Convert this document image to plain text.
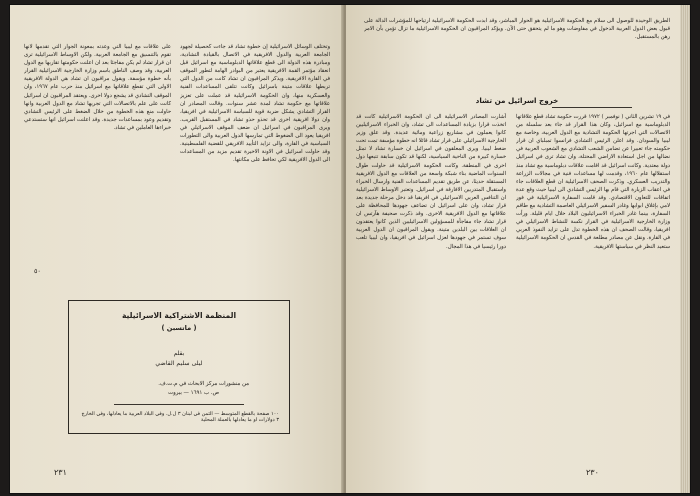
على علاقات مع ليبيا التي وعدته بمعونة الجوار التي تقدمها لانها تقوم بالتنسيق مع الجامعة العربية. ولكن الاوساط الاسرائيلية ترى ان قرار تشاد لم يكن مفاجئا بعد ان اعلنت حكومتها تقاربها مع الدول العربية، وقد وصف الناطق باسم وزارة الخارجية الاسرائيلية القرار بأنه خطوة مؤسفة. ويقول مراقبون ان تشاد هي الدولة الافريقية الاولى التي تقطع علاقاتها مع اسرائيل منذ حرب عام ١٩٦٧، وان الموقف التشادي قد يشجع دولا اخرى. ويعتقد المراقبون ان اسرائيل كانت على علم بالاتصالات التي تجريها تشاد مع الدول العربية وانها حاولت منع هذه الخطوة من خلال الضغط على الرئيس التشادي وتقديم وعود بمساعدات جديدة. وقد اعلنت اسرائيل انها ستستدعي خبراءها العاملين في تشاد.

وتختلف الوسائل الاسرائيلية إن خطوة تشاد قد جاءت كحصيلة لجهود الجامعة العربية والدول الافريقية في الاتصال بالقيادة التشادية، ومبادرة هذه الدولة الى قطع علاقاتها الدبلوماسية مع اسرائيل قبل انعقاد مؤتمر القمة الافريقية يعتبر من البوادر الهامة لتطور الموقف في القارة الافريقية. ويذكر المراقبون ان تشاد كانت من الدول التي تربطها علاقات متينة باسرائيل وكانت تتلقى المساعدات الفنية والعسكرية منها، وان الحكومة الاسرائيلية قد عملت على تعزيز علاقاتها مع حكومة تشاد لمدة عشر سنوات. وقالت المصادر ان القرار التشادي يشكل ضربة قوية للسياسة الاسرائيلية في افريقيا، وان دولا افريقية اخرى قد تحذو حذو تشاد في المستقبل القريب. ويرى المراقبون في اسرائيل ان ضعف الموقف الاسرائيلي في افريقيا يعود الى الضغوط التي تمارسها الدول العربية والى التطورات السياسية في القارة، والى تزايد التأييد الافريقي للقضية الفلسطينية. وقد حاولت اسرائيل في الاونة الاخيرة تقديم مزيد من المساعدات الى الدول الافريقية لكي تحافظ على مكانتها.

٥٠
المنظمة الاشتراكية الاسرائيلية
( ماتسبن )
بقلم
ليلى سليم القاضي
من منشورات مركز الابحاث في م.ت.ف.
ص. ب ١٦٩١ — بيروت
١٠٠ صفحة بالقطع المتوسط — الثمن في لبنان ٣ ل.ل. وفي البلاد العربية ما يعادلها، وفي الخارج ٣ دولارات او ما يعادلها بالعملة المحلية
٢٣١

الطريق الوحيدة للوصول الى سلام مع الحكومة الاسرائيلية هو الحوار المباشر، وقد ابدت الحكومة الاسرائيلية ارتياحها للمؤشرات الدالة على قبول بعض الدول العربية الدخول في مفاوضات وهو ما لم يتحقق حتى الآن. ويؤكد المراقبون ان الحكومة الاسرائيلية ما تزال تؤمن بأن الامر رهن بالمستقبل.

خروج اسرائيل من تشاد

أشارت المصادر الاسرائيلية الى ان الحكومة الاسرائيلية كانت قد اتخذت قرارا بزيادة المساعدات الى تشاد، وان الخبراء الاسرائيليين كانوا يعملون في مشاريع زراعية ومائية عديدة. وقد علق وزير الخارجية الاسرائيلي على قرار تشاد قائلا انه خطوة مؤسفة تمت تحت ضغط ليبيا. ويرى المعلقون في اسرائيل ان خسارة تشاد لا تمثل خسارة كبيرة من الناحية السياسية، لكنها قد تكون سابقة تتبعها دول اخرى في المنطقة. وكانت الحكومة الاسرائيلية قد حاولت طوال السنوات الماضية بناء شبكة واسعة من العلاقات مع الدول الافريقية المستقلة حديثا، عن طريق تقديم المساعدات الفنية وارسال الخبراء واستقبال المتدربين الافارقة في اسرائيل. وتعتبر الاوساط الاسرائيلية ان التنافس العربي الاسرائيلي في افريقيا قد دخل مرحلة جديدة بعد قرار تشاد، وان على اسرائيل ان تضاعف جهودها للمحافظة على علاقاتها مع الدول الافريقية الاخرى. وقد ذكرت صحيفة هآرتس ان قرار تشاد جاء مفاجأة للمسؤولين الاسرائيليين الذين كانوا يعتقدون ان العلاقات بين البلدين متينة. ويقول المراقبون ان الدول العربية سوف تستمر في جهودها لعزل اسرائيل في افريقيا، وان ليبيا تلعب دورا رئيسيا في هذا المجال.

في ١٩ تشرين الثاني ( نوفمبر ) ١٩٧٢ قررت حكومة تشاد قطع علاقاتها الدبلوماسية مع اسرائيل، وكان هذا القرار قد جاء بعد سلسلة من الاتصالات التي اجرتها الحكومة التشادية مع الدول العربية، وخاصة مع ليبيا والسودان. وقد اعلن الرئيس التشادي فرانسوا تمبلباي ان قرار حكومته جاء تعبيرا عن تضامن الشعب التشادي مع الشعوب العربية في نضالها من اجل استعادة الاراضي المحتلة، وان تشاد ترى في اسرائيل دولة معتدية. وكانت اسرائيل قد اقامت علاقات دبلوماسية مع تشاد منذ استقلالها عام ١٩٦٠، وقدمت لها مساعدات فنية في مجالات الزراعة والتدريب العسكري. وذكرت الصحف الاسرائيلية ان قطع العلاقات جاء في اعقاب الزيارة التي قام بها الرئيس التشادي الى ليبيا حيث وقع عدة اتفاقات للتعاون الاقتصادي. وقد قامت السفارة الاسرائيلية في فور لامي بإغلاق ابوابها وغادر السفير الاسرائيلي العاصمة التشادية مع طاقم السفارة، بينما غادر الخبراء الاسرائيليون البلاد خلال ايام قليلة. ورأت وزارة الخارجية الاسرائيلية في القرار نكسة للنشاط الاسرائيلي في افريقيا، وقالت الصحف ان هذه الخطوة تدل على تزايد النفوذ العربي في القارة. ونقل عن مصادر مطلعة في القدس ان الحكومة الاسرائيلية ستعيد النظر في سياستها الافريقية.

٢٣٠
